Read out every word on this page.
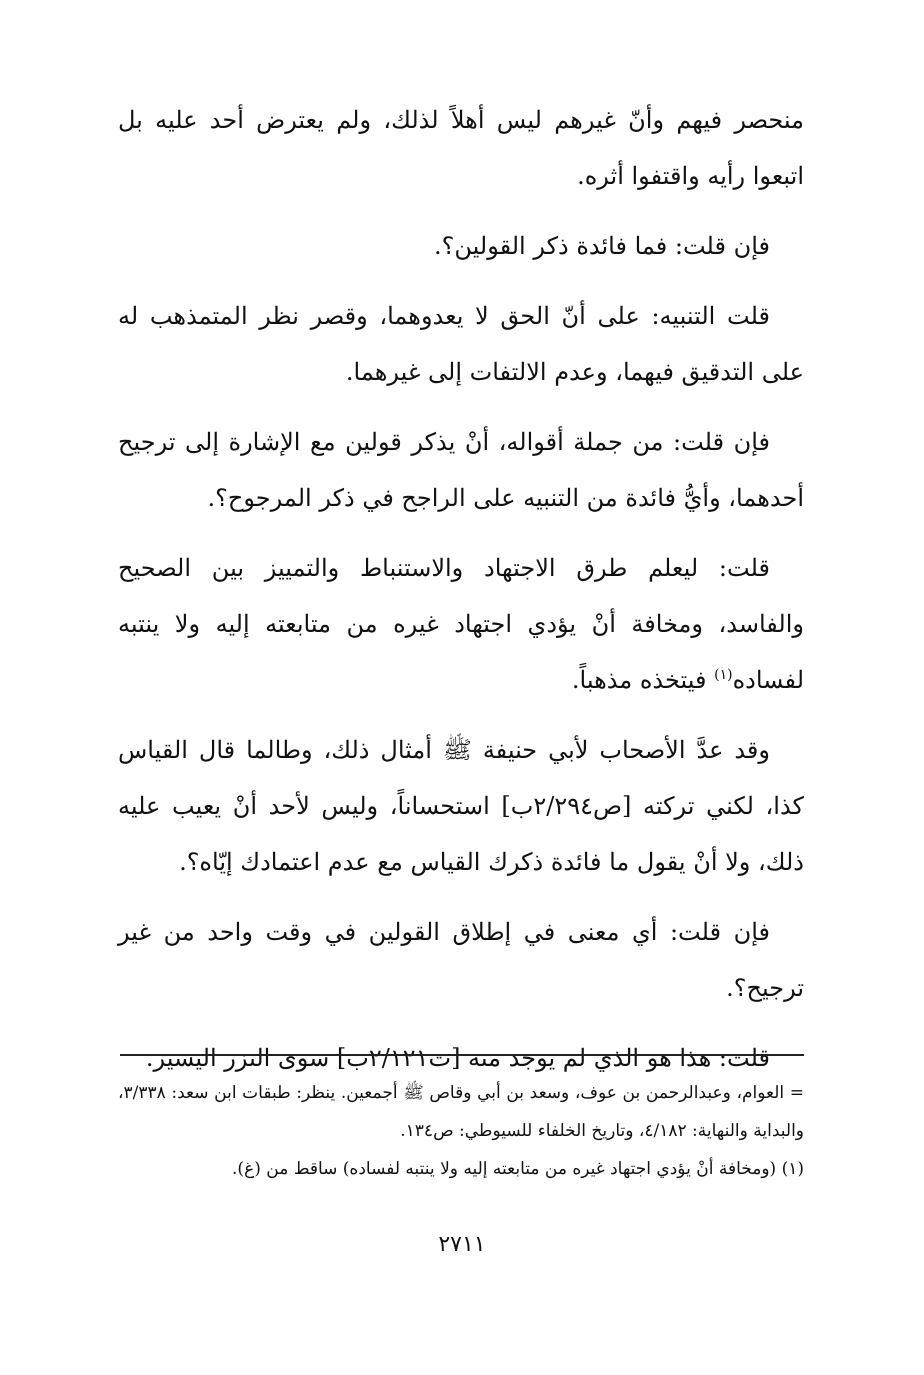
منحصر فيهم وأنّ غيرهم ليس أهلاً لذلك، ولم يعترض أحد عليه بل اتبعوا رأيه واقتفوا أثره.

فإن قلت: فما فائدة ذكر القولين؟.

قلت التنبيه: على أنّ الحق لا يعدوهما، وقصر نظر المتمذهب له على التدقيق فيهما، وعدم الالتفات إلى غيرهما.

فإن قلت: من جملة أقواله، أنْ يذكر قولين مع الإشارة إلى ترجيح أحدهما، وأيُّ فائدة من التنبيه على الراجح في ذكر المرجوح؟.

قلت: ليعلم طرق الاجتهاد والاستنباط والتمييز بين الصحيح والفاسد، ومخافة أنْ يؤدي اجتهاد غيره من متابعته إليه ولا ينتبه لفساده$^{(١)}$ فيتخذه مذهباً.

وقد عدَّ الأصحاب لأبي حنيفة ﷺ أمثال ذلك، وطالما قال القياس كذا، لكني تركته [ص٢/٢٩٤ب] استحساناً، وليس لأحد أنْ يعيب عليه ذلك، ولا أنْ يقول ما فائدة ذكرك القياس مع عدم اعتمادك إيّاه؟.

فإن قلت: أي معنى في إطلاق القولين في وقت واحد من غير ترجيح؟.

قلت: هذا هو الذي لم يوجد منه [ت٢/١٢١ب] سوى النزر اليسير.

= العوام، وعبدالرحمن بن عوف، وسعد بن أبي وقاص ﷺ أجمعين. ينظر: طبقات ابن سعد: ٣/٣٣٨، والبداية والنهاية: ٤/١٨٢، وتاريخ الخلفاء للسيوطي: ص١٣٤.

(١) (ومخافة أنْ يؤدي اجتهاد غيره من متابعته إليه ولا ينتبه لفساده) ساقط من (غ).

٢٧١١
